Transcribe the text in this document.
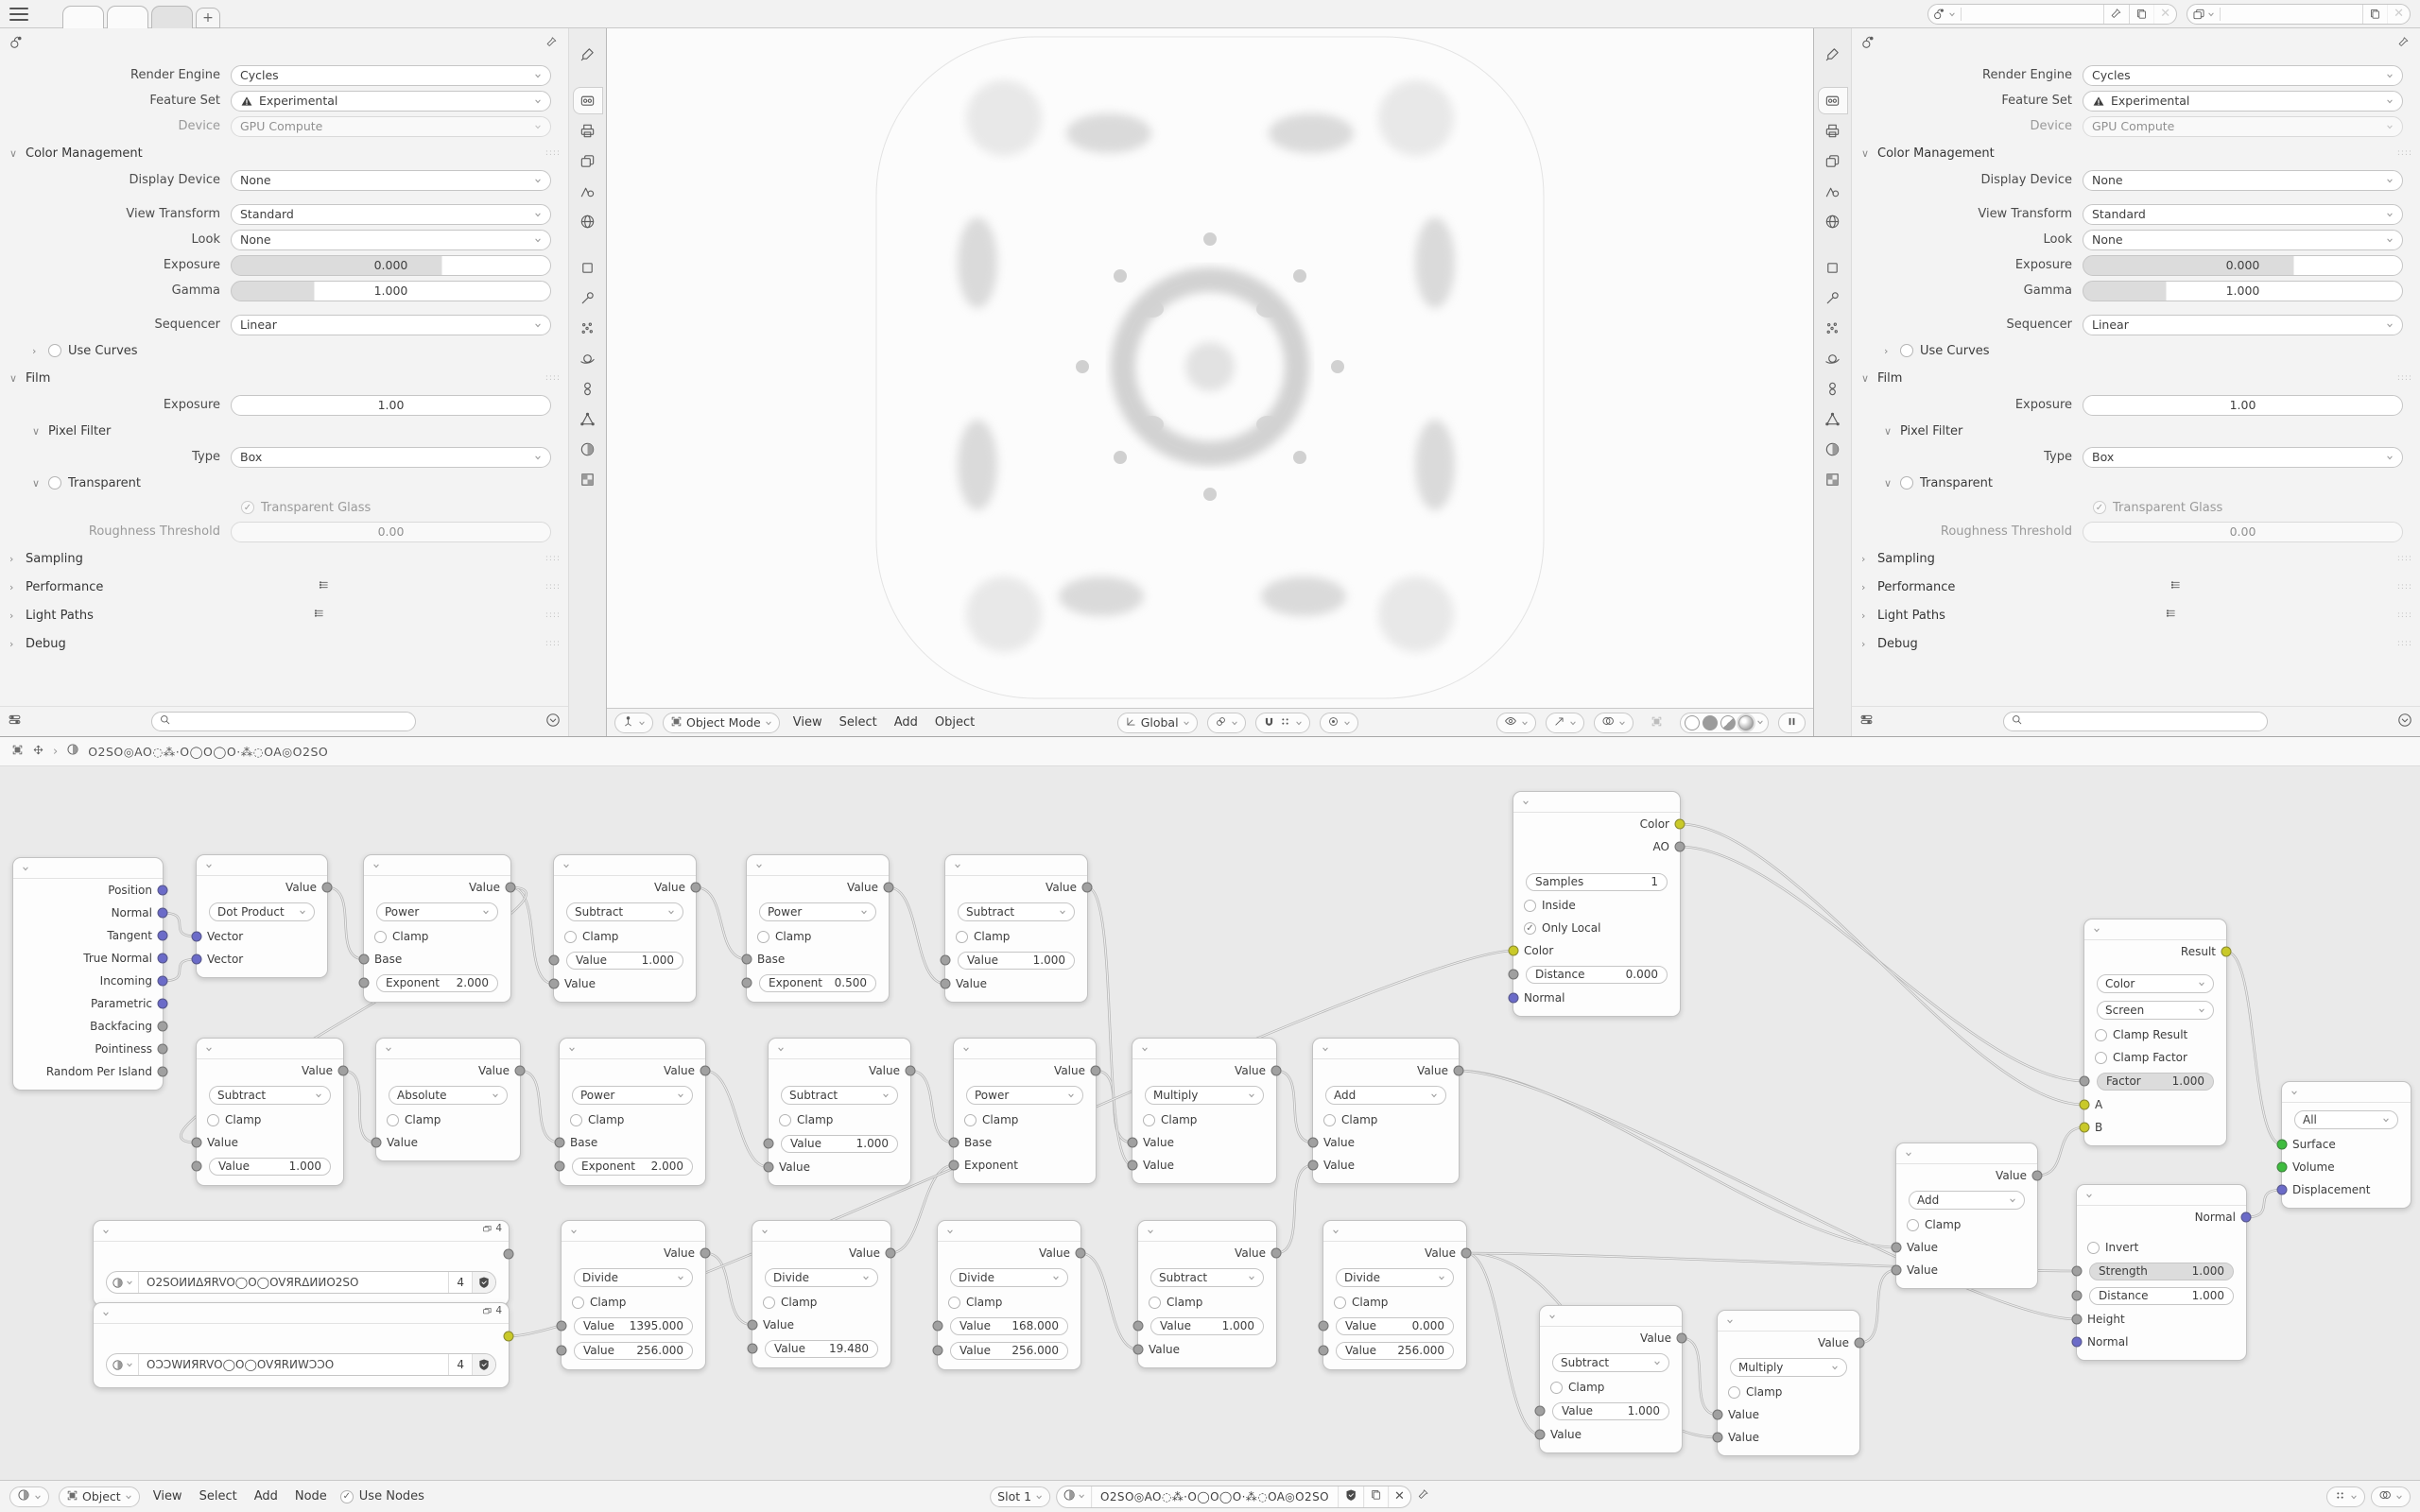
+	✕	✕
Render Engine	Cycles
Feature Set	Experimental
Device	GPU Compute
∨ Color Management	::::
Display Device	None
View Transform	Standard
Look	None
Exposure	0.000
Gamma	1.000
Sequencer	Linear
›	Use Curves
∨ Film	::::
Exposure	1.00
∨ Pixel Filter
Type	Box
∨ Transparent
✓
Transparent Glass
Roughness Threshold	0.00
› Sampling	::::
› Performance	::::
› Light Paths	::::
› Debug	::::
Object Mode	View	Select	Add	Object	Global
Render Engine	Cycles
Feature Set	Experimental
Device	GPU Compute
∨ Color Management	::::
Display Device	None
View Transform	Standard
Look	None
Exposure	0.000
Gamma	1.000
Sequencer	Linear
›	Use Curves
∨ Film	::::
Exposure	1.00
∨ Pixel Filter
Type	Box
∨ Transparent
✓
Transparent Glass
Roughness Threshold	0.00
› Sampling	::::
› Performance	::::
› Light Paths	::::
› Debug	::::
Position
Normal
Tangent
True Normal
Incoming
Parametric
Backfacing
Pointiness
Random Per Island
Value
Dot Product
Vector
Vector
Value
Power
Clamp
Base
Exponent 2.000
Value
Subtract
Clamp
Value	1.000
Value
Value
Power
Clamp
Base
Exponent 0.500
Value
Subtract
Clamp
Value	1.000
Value
Value
Subtract
Clamp
Value
Value	1.000
Value
Absolute
Clamp
Value
Value
Power
Clamp
Base
Exponent 2.000
Value
Subtract
Clamp
Value	1.000
Value
Value
Power
Clamp
Base
Exponent
Value
Multiply
Clamp
Value
Value
Value
Add
Clamp
Value
Value
4
O2SOͶИΔЯRVO◯O◯OVЯRΔИͶO2SO	4
4
OƆƆWͶЯRVO◯O◯OVЯRͶWƆƆO	4
Value
Divide
Clamp
Value 1395.000
Value 256.000
Value
Divide
Clamp
Value
Value 19.480
Value
Divide
Clamp
Value 168.000
Value 256.000
Value
Subtract
Clamp
Value	1.000
Value
Value
Divide
Clamp
Value	0.000
Value 256.000
Color
AO
Samples	1
Inside
✓
Only Local
Color
Distance	0.000
Normal
Value
Subtract
Clamp
Value	1.000
Value
Value
Multiply
Clamp
Value
Value
Value
Add
Clamp
Value
Value
Result
Color
Screen
Clamp Result
Clamp Factor
Factor	1.000
A
B
Normal
Invert
Strength	1.000
Distance	1.000
Height
Normal
All
Surface
Volume
Displacement
›	O2SO◎AO◌⁂·O◯O◯O·⁂◌OA◎O2SO
Object	View	Select	Add	Node ✓	Use Nodes	Slot 1	O2SO◎AO◌⁂·O◯O◯O·⁂◌OA◎O2SO	✕
